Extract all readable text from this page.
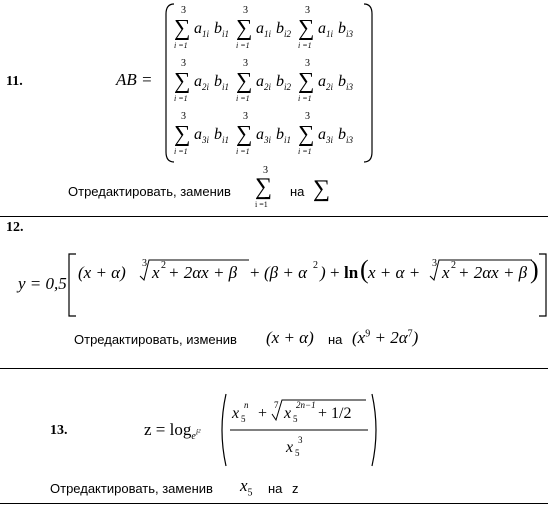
11.	AB =
3
∑
i =1
a 1i b i1
3
∑
i =1
a 1i b i2
3
∑
i =1
a 1i b i3
3
∑
i =1
a 2i b i1
3
∑
i =1
a 2i b i2
3
∑
i =1
a 2i b i3
3
∑
i =1
a 3i b i1
3
∑
i =1
a 3i b i1
3
∑
i =1
a 3i b i3
Отредактировать, заменив
3
∑
i =1
на ∑
12.
y = 0,5
(x + α) 3 x 2 + 2αx + β + (β + α 2 ) + ln ( x + α + 3 x 2 + 2αx + β )
Отредактировать, изменив (x + α) на $(x^9 + 2\alpha^7)$
13.	$z = \log_{e^{i^2}}$
x 5
n + 7 x 5
2n−1 + 1/2
x 5
3
Отредактировать, заменив $x_5$ на z
